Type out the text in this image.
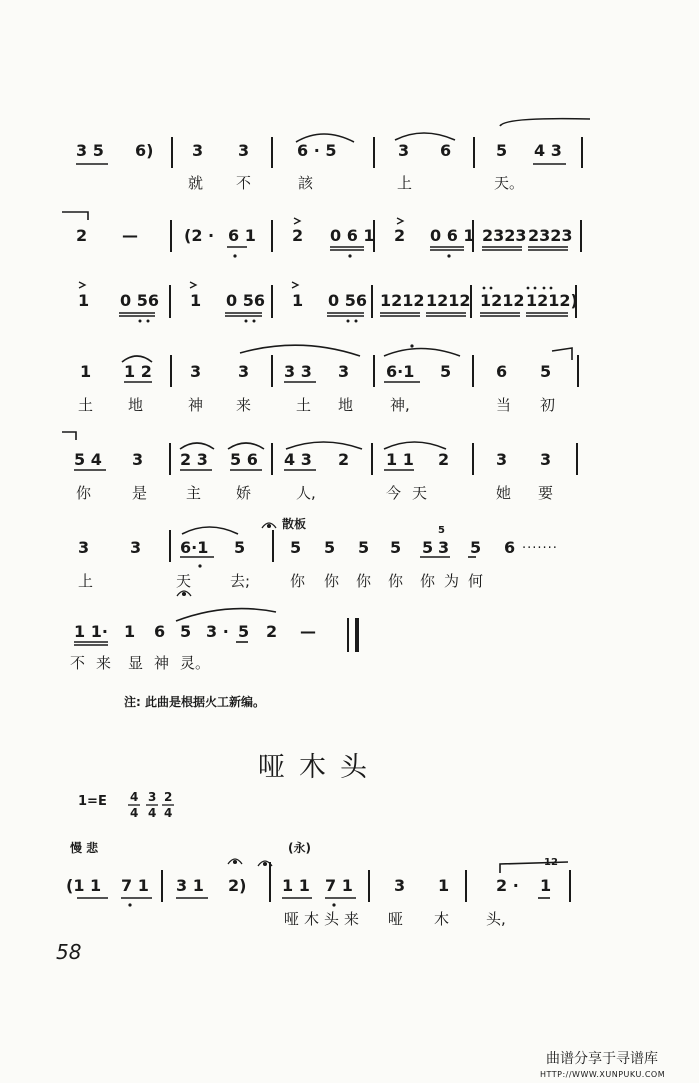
3 5 6) 3 3	6 · 5	3 6	5 4 3
就 不	該	上	天。
2 —	(2 · 6 1 2 0 6 1 2 0 6 1 2323 2323
1 0 56 1 0 56 1 0 56 1212 1212 1212 1212)
1 1 2 3 3 3 3 3 6·1 5	6 5
土 地	神 来	土 地 神,	当 初
5 4 3 2 3 5 6 4 3 2 1 1 2	3 3
你	是	主 娇	人,	今 天	她 要
散板	5
3	3 6·1 5	5 5 5 5 5 3 5 6 ·······
上	天	去;	你 你 你 你 你 为 何
1 1· 1 6 5 3 · 5 2 —
不 来 显 神 灵。
注: 此曲是根据火工新编。
哑木头
1=E 4
4
3
4
2
4
慢 悲	(永)
12
(1 1 7 1 3 1 2) 1 1 7 1	3 1	2 · 1
哑 木 头 来 哑 木 头,
58
曲谱分享于寻谱库
HTTP://WWW.XUNPUKU.COM
